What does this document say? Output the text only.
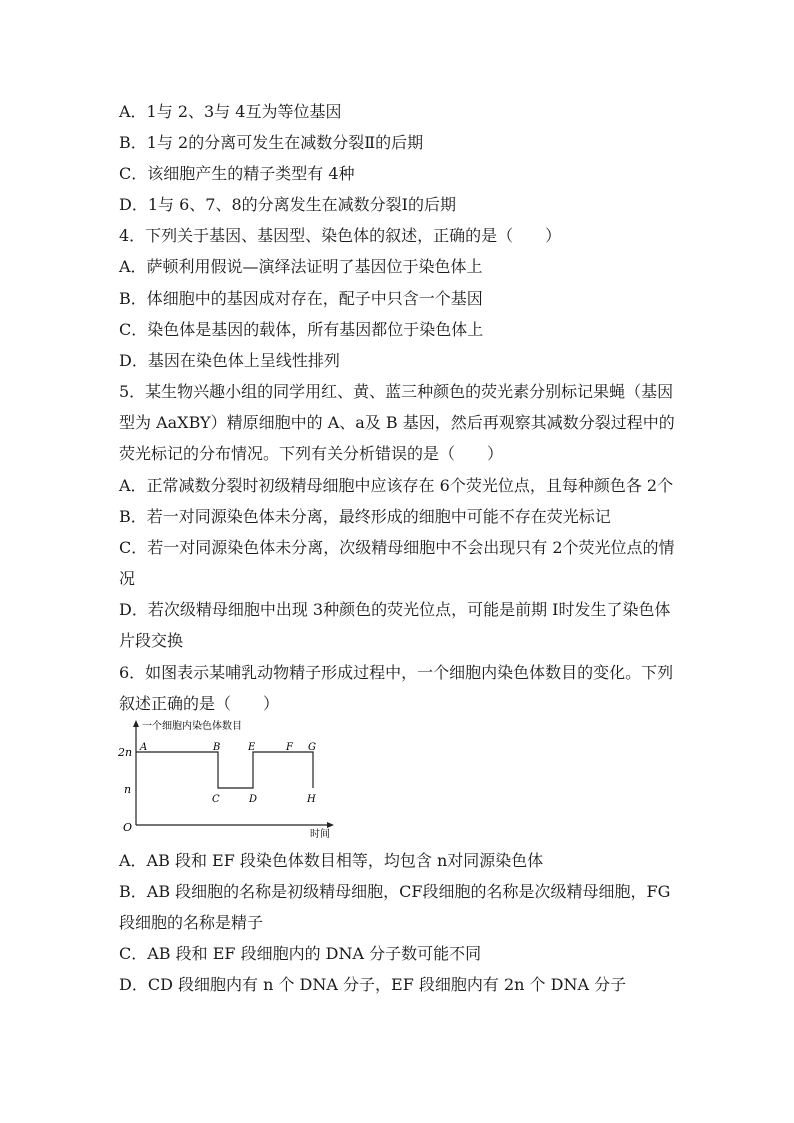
A．1与 2、3与 4互为等位基因
B．1与 2的分离可发生在减数分裂Ⅱ的后期
C．该细胞产生的精子类型有 4种
D．1与 6、7、8的分离发生在减数分裂Ⅰ的后期
4．下列关于基因、基因型、染色体的叙述，正确的是（　　）
A．萨顿利用假说—演绎法证明了基因位于染色体上
B．体细胞中的基因成对存在，配子中只含一个基因
C．染色体是基因的载体，所有基因都位于染色体上
D．基因在染色体上呈线性排列
5．某生物兴趣小组的同学用红、黄、蓝三种颜色的荧光素分别标记果蝇（基因
型为 AaXBY）精原细胞中的 A、a及 B 基因，然后再观察其减数分裂过程中的
荧光标记的分布情况。下列有关分析错误的是（　　）
A．正常减数分裂时初级精母细胞中应该存在 6个荧光位点，且每种颜色各 2个
B．若一对同源染色体未分离，最终形成的细胞中可能不存在荧光标记
C．若一对同源染色体未分离，次级精母细胞中不会出现只有 2个荧光位点的情
况
D．若次级精母细胞中出现 3种颜色的荧光位点，可能是前期 I时发生了染色体
片段交换
6．如图表示某哺乳动物精子形成过程中，一个细胞内染色体数目的变化。下列
叙述正确的是（　　）
一个细胞内染色体数目
时间
O
2n
n
A	B
C	D
E	F G
H
A．AB 段和 EF 段染色体数目相等，均包含 n对同源染色体
B．AB 段细胞的名称是初级精母细胞，CF段细胞的名称是次级精母细胞，FG
段细胞的名称是精子
C．AB 段和 EF 段细胞内的 DNA 分子数可能不同
D．CD 段细胞内有 n 个 DNA 分子，EF 段细胞内有 2n 个 DNA 分子
